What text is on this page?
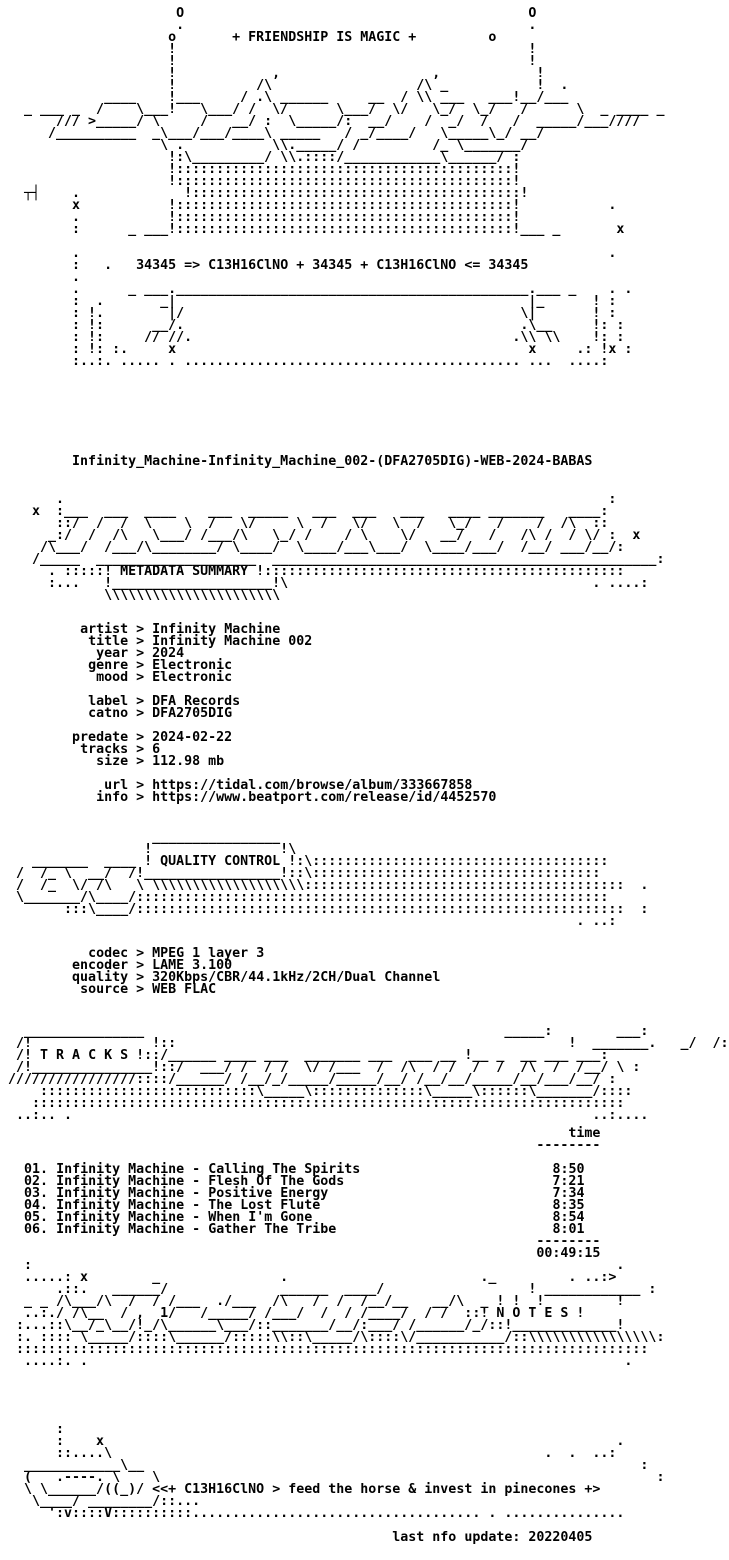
O                                           O
.                                           .
o       + FRIENDSHIP IS MAGIC +         o
!                                            !
!                                            !
!            ,                   ,            !
!          /\                  /\ _           !  .
____    !___     / .\ ______     __  / \\ ___   ___!__/___
_ ___ _  /    \___!   \___/ /  \/      \___/  \/   \_/  \_/   /      \  _ ____ _
/// >_____/ \     /   __/ :  \_____/:  __/    /  _/  /   /  _____/___////
/__________  _\___/___/____\ _____   / _/____/   \_____\_/ __/
\ .           \\._____/ /         /_ \_______/
!:\_________/ \\.::::/____________\______/ :
!::::::::::::::::::::::::::::::::::::::::::!
!::::::::::::::::::::::::::::::::::::::::::!
┬┤    .             !:::::::::::::::::::::::::::::::::::::::::!
x           !::::::::::::::::::::::::::::::::::::::::::!           .
.           !::::::::::::::::::::::::::::::::::::::::::!
:      _ ___!::::::::::::::::::::::::::::::::::::::::::!___ _       x
.                                                                  .
:   .   34345 => C13H16ClNO + 34345 + C13H16ClNO <= 34345
.
.      _ ___.____________________________________________.___ _    . .
:  .       _|                                            |_      ! :
: !.        |/                                          \|       ! :
: !:      __/.                                          .\__     !: :
: !:     // //.                                        .\\ \\    !: :
: !: :.     x                                            x     .: !x :
:..:. ..... . .......................................... ...  ....:
Infinity_Machine-Infinity_Machine_002-(DFA2705DIG)-WEB-2024-BABAS
.                                                                    :
x  :___  ___  ____    ___  _____   ___  ___   ___   ____ _______   ____:
::/  /  /  \    \  /   \/     \  /   \/   \  /   \_/   /    /  /\  ::
_:/  /  /\   \___/ /___/\   \_/ /    / \    \/   __/   /   /\ /  / \/ :  x
/\___/  /___/\________/ \____/  \____/___\___/  \____/___/  /__/ ___/__/:
/_____  ____________________  ________________________________________________:
. :::::! METADATA SUMMARY !:::::::::::::::::::::::::::::::::::::::::::::
:...   !____________________!\                                      . ....:
\\\\\\\\\\\\\\\\\\\\\\
artist > Infinity Machine
title > Infinity Machine 002
year > 2024
genre > Electronic
mood > Electronic
label > DFA Records
catno > DFA2705DIG
predate > 2024-02-22
tracks > 6
size > 112.98 mb
url > https://tidal.com/browse/album/333667858
info > https://www.beatport.com/release/id/4452570
________________
!                !\
_______  ____ ! QUALITY CONTROL !:\:::::::::::::::::::::::::::::::::::::
/  /_ \  __/  /!_________________!::\::::::::::::::::::::::::::::::::::::
/  /_  \/ /\   \ \\\\\\\\\\\\\\\\\\\::::::::::::::::::::::::::::::::::::::::  .
\_______/\____/:::::::::::::::::::::::::::::::::::::::::::::::::::::::::::
:::\____/:::::::::::::::::::::::::::::::::::::::::::::::::::::::::::::  :
. ..:
codec > MPEG 1 layer 3
encoder > LAME 3.100
quality > 320Kbps/CBR/44.1kHz/2CH/Dual Channel
source > WEB FLAC
_______________                                             _____:        ___:
/!               !::                                                 !  _______.   _/  /:
/! T R A C K S !::/______ ____ ___  _______ ___  ___ __ !__ _  __ ___ ___:
/!_______________!::/  ___/ /  / /  \/ /___  /  /\  / /  /  /  /\  /  /__/ \ :
////////////////::::/______/ /__/_/_____/_____/__/ /__/__/_____/__/___/__/ :
:::::::::::::::::::::::::::\_____\::::::::::::::\_____\::::::\_______/::::
::::::::::::::::::::::::::::::::::::::::::::::::::::::::::::::::::::::::::
..:.. .                                                                 ..:....
time
--------
01. Infinity Machine - Calling The Spirits	8:50
02. Infinity Machine - Flesh Of The Gods	7:21
03. Infinity Machine - Positive Energy	7:34
04. Infinity Machine - The Lost Flute	8:35
05. Infinity Machine - When I'm Gone	8:54
06. Infinity Machine - Gather The Tribe	8:01
--------
00:49:15
:                                                                         .
.....: x        _               .                        ._         . ..:>
.::.   ______/              ______  ____/                  ! ____________ :
_ _ /\___/\  /  / /___  ./___  /\   /  /  /__/__   __/\  _ ! !  !         !
..:./ /\__  / ,  1/   /_____/ /___/  /  / /____/  / /  ::! N O T E S !
:...::\__/_\__/!_/\______\___/::_______/__/:___/ /______/_/::!_____________!
:. :::: \_____/::::\______/:::::\\::\_____/\::::\/___________/::\\\\\\\\\\\\\\\\:
:::::::::::::::::::::::::::::::::::::::::::::::::::::::::::::::::::::::::::::::
....:. .                                                                   .
:
:    x                                                                .
::....\                                                      .  .  ..:
____________\__                                                              :
(   .----. \    \                                                              :
\ \______/((_)/ <<+ C13H16ClNO > feed the horse & invest in pinecones +>
\____/ ________/::...
':v::::V::::::::::.................................... . ...............
last nfo update: 20220405
